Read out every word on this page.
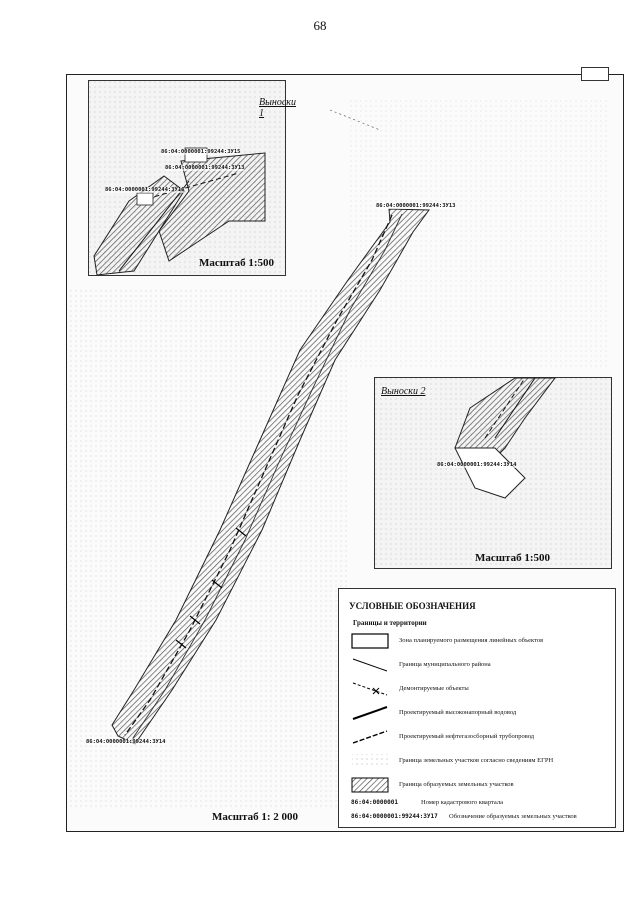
68
Выноски 1
86:04:0000001:99244:ЗУ15
86:04:0000001:99244:ЗУ13
86:04:0000001:99244:ЗУ16
Масштаб 1:500
Выноски 2
86:04:0000001:99244:ЗУ14
Масштаб 1:500
86:04:0000001:99244:ЗУ13
86:04:0000001:99244:ЗУ14
УСЛОВНЫЕ ОБОЗНАЧЕНИЯ
Границы и территории
Зона планируемого размещения линейных объектов
Граница муниципального района
Демонтируемые объекты
Проектируемый высоконапорный водовод
Проектируемый нефтегазосборный трубопровод
Граница земельных участков согласно сведениям ЕГРН
Граница образуемых земельных участков
86:04:0000001	Номер кадастрового квартала
86:04:0000001:99244:ЗУ17 Обозначение образуемых земельных участков
Масштаб 1: 2 000
